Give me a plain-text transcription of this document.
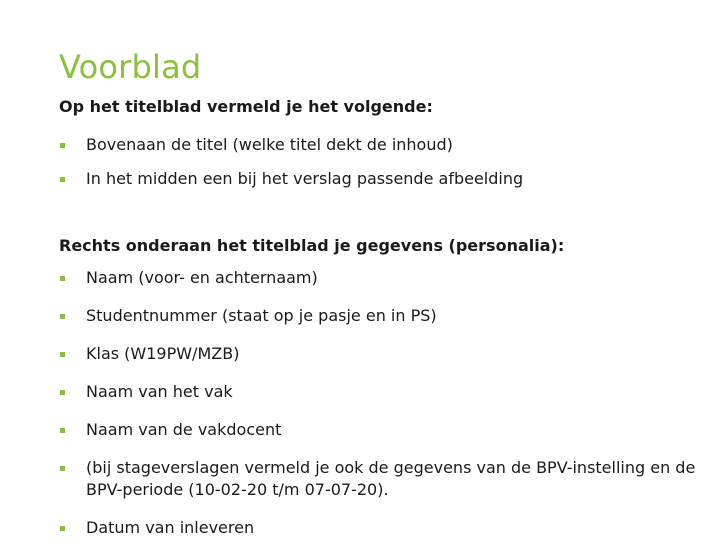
Voorblad
Op het titelblad vermeld je het volgende:
Bovenaan de titel (welke titel dekt de inhoud)
In het midden een bij het verslag passende afbeelding
Rechts onderaan het titelblad je gegevens (personalia):
Naam (voor- en achternaam)
Studentnummer (staat op je pasje en in PS)
Klas (W19PW/MZB)
Naam van het vak
Naam van de vakdocent
(bij stageverslagen vermeld je ook de gegevens van de BPV-instelling en de BPV-periode (10-02-20 t/m 07-07-20).
Datum van inleveren
